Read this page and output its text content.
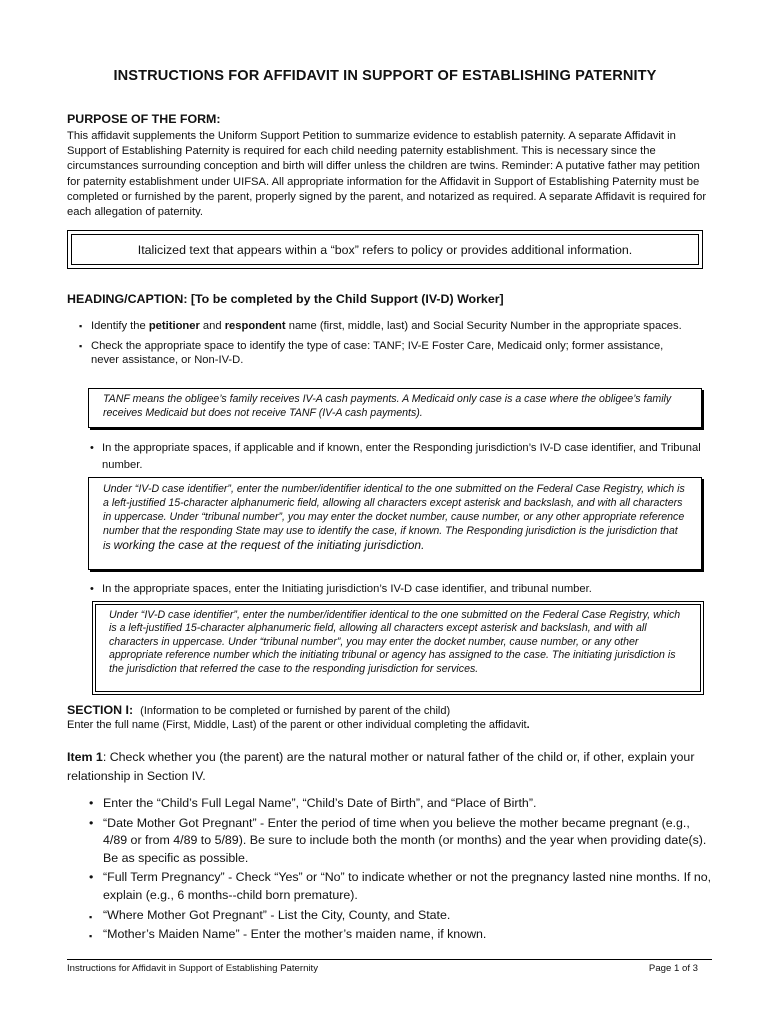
INSTRUCTIONS FOR AFFIDAVIT IN SUPPORT OF ESTABLISHING PATERNITY
PURPOSE OF THE FORM:
This affidavit supplements the Uniform Support Petition to summarize evidence to establish paternity. A separate Affidavit in Support of Establishing Paternity is required for each child needing paternity establishment. This is necessary since the circumstances surrounding conception and birth will differ unless the children are twins. Reminder: A putative father may petition for paternity establishment under UIFSA. All appropriate information for the Affidavit in Support of Establishing Paternity must be completed or furnished by the parent, properly signed by the parent, and notarized as required. A separate Affidavit is required for each allegation of paternity.
Italicized text that appears within a “box” refers to policy or provides additional information.
HEADING/CAPTION: [To be completed by the Child Support (IV-D) Worker]
▪ Identify the petitioner and respondent name (first, middle, last) and Social Security Number in the appropriate spaces.
▪ Check the appropriate space to identify the type of case: TANF; IV-E Foster Care, Medicaid only; former assistance, never assistance, or Non-IV-D.
TANF means the obligee’s family receives IV-A cash payments. A Medicaid only case is a case where the obligee’s family receives Medicaid but does not receive TANF (IV-A cash payments).
• In the appropriate spaces, if applicable and if known, enter the Responding jurisdiction’s IV-D case identifier, and Tribunal number.
Under “IV-D case identifier”, enter the number/identifier identical to the one submitted on the Federal Case Registry, which is a left-justified 15-character alphanumeric field, allowing all characters except asterisk and backslash, and with all characters in uppercase. Under “tribunal number”, you may enter the docket number, cause number, or any other appropriate reference number that the responding State may use to identify the case, if known. The Responding jurisdiction is the jurisdiction that is working the case at the request of the initiating jurisdiction.
• In the appropriate spaces, enter the Initiating jurisdiction’s IV-D case identifier, and tribunal number.
Under “IV-D case identifier”, enter the number/identifier identical to the one submitted on the Federal Case Registry, which is a left-justified 15-character alphanumeric field, allowing all characters except asterisk and backslash, and with all characters in uppercase. Under “tribunal number”, you may enter the docket number, cause number, or any other appropriate reference number which the initiating tribunal or agency has assigned to the case. The initiating jurisdiction is the jurisdiction that referred the case to the responding jurisdiction for services.
SECTION I: (Information to be completed or furnished by parent of the child)
Enter the full name (First, Middle, Last) of the parent or other individual completing the affidavit.
Item 1: Check whether you (the parent) are the natural mother or natural father of the child or, if other, explain your relationship in Section IV.
• Enter the “Child’s Full Legal Name”, “Child’s Date of Birth”, and “Place of Birth”.
• “Date Mother Got Pregnant” - Enter the period of time when you believe the mother became pregnant (e.g., 4/89 or from 4/89 to 5/89). Be sure to include both the month (or months) and the year when providing date(s). Be as specific as possible.
• “Full Term Pregnancy” - Check “Yes” or “No” to indicate whether or not the pregnancy lasted nine months. If no, explain (e.g., 6 months--child born premature).
▪ “Where Mother Got Pregnant” - List the City, County, and State.
▪ “Mother’s Maiden Name” - Enter the mother’s maiden name, if known.
Instructions for Affidavit in Support of Establishing Paternity	Page 1 of 3
